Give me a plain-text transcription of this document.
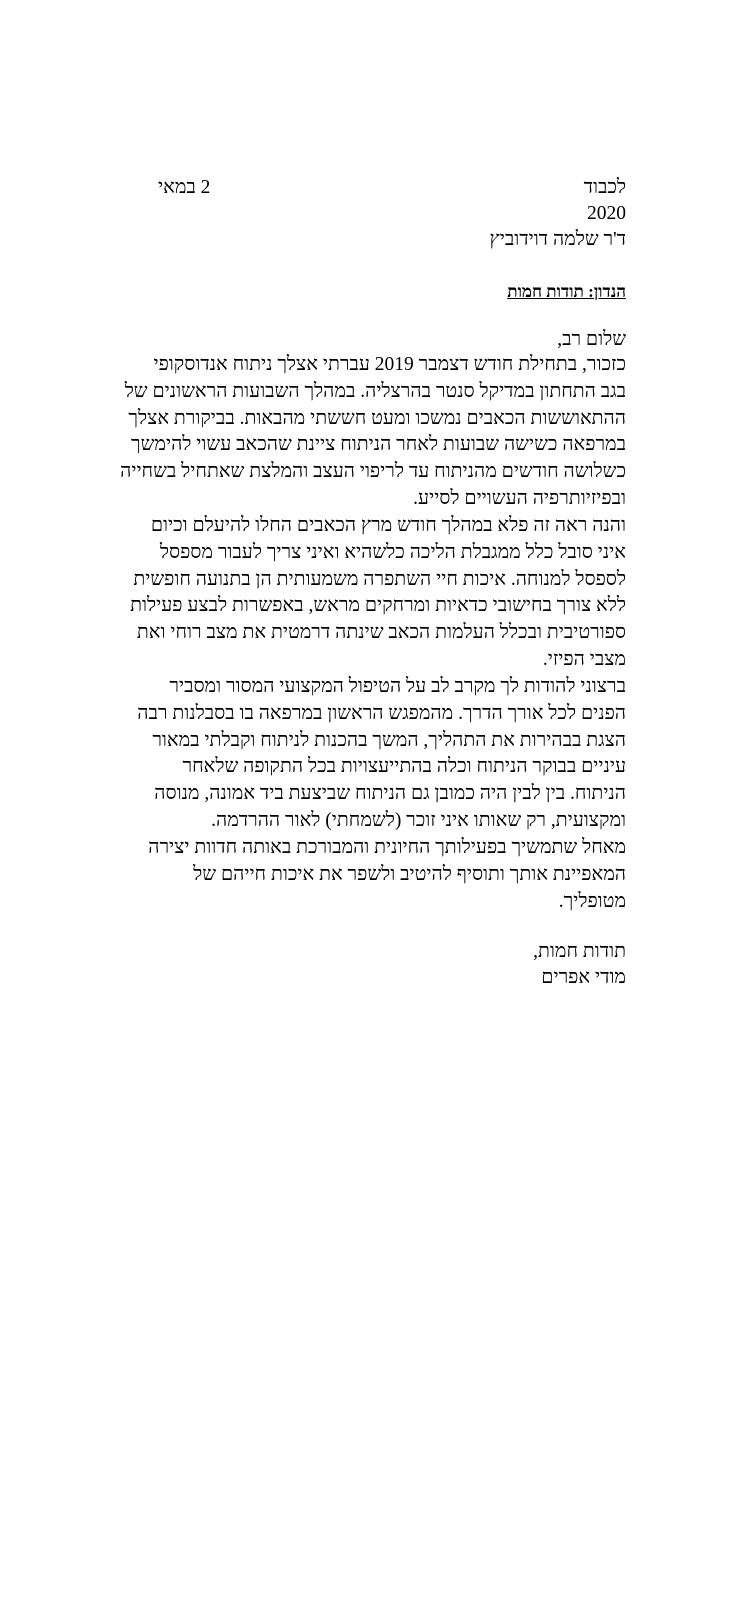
לכבוד
2 במאי
2020
ד'ר שלמה דוידוביץ
הנדון: תודות חמות
שלום רב,
כזכור, בתחילת חודש דצמבר 2019 עברתי אצלך ניתוח אנדוסקופי
בגב התחתון במדיקל סנטר בהרצליה. במהלך השבועות הראשונים של
ההתאוששות הכאבים נמשכו ומעט חששתי מהבאות. בביקורת אצלך
במרפאה כשישה שבועות לאחר הניתוח ציינת שהכאב עשוי להימשך
כשלושה חודשים מהניתוח עד לריפוי העצב והמלצת שאתחיל בשחייה
ובפיזיותרפיה העשויים לסייע.
והנה ראה זה פלא במהלך חודש מרץ הכאבים החלו להיעלם וכיום
איני סובל כלל ממגבלת הליכה כלשהיא ואיני צריך לעבור מספסל
לספסל למנוחה. איכות חיי השתפרה משמעותית הן בתנועה חופשית
ללא צורך בחישובי כדאיות ומרחקים מראש, באפשרות לבצע פעילות
ספורטיבית ובכלל העלמות הכאב שינתה דרמטית את מצב רוחי ואת
מצבי הפיזי.
ברצוני להודות לך מקרב לב על הטיפול המקצועי המסור ומסביר
הפנים לכל אורך הדרך. מהמפגש הראשון במרפאה בו בסבלנות רבה
הצגת בבהירות את התהליך, המשך בהכנות לניתוח וקבלתי במאור
עיניים בבוקר הניתוח וכלה בהתייעצויות בכל התקופה שלאחר
הניתוח. בין לבין היה כמובן גם הניתוח שביצעת ביד אמונה, מנוסה
ומקצועית, רק שאותו איני זוכר (לשמחתי) לאור ההרדמה.
מאחל שתמשיך בפעילותך החיונית והמבורכת באותה חדוות יצירה
המאפיינת אותך ותוסיף להיטיב ולשפר את איכות חייהם של
מטופליך.
תודות חמות,
מודי אפרים
